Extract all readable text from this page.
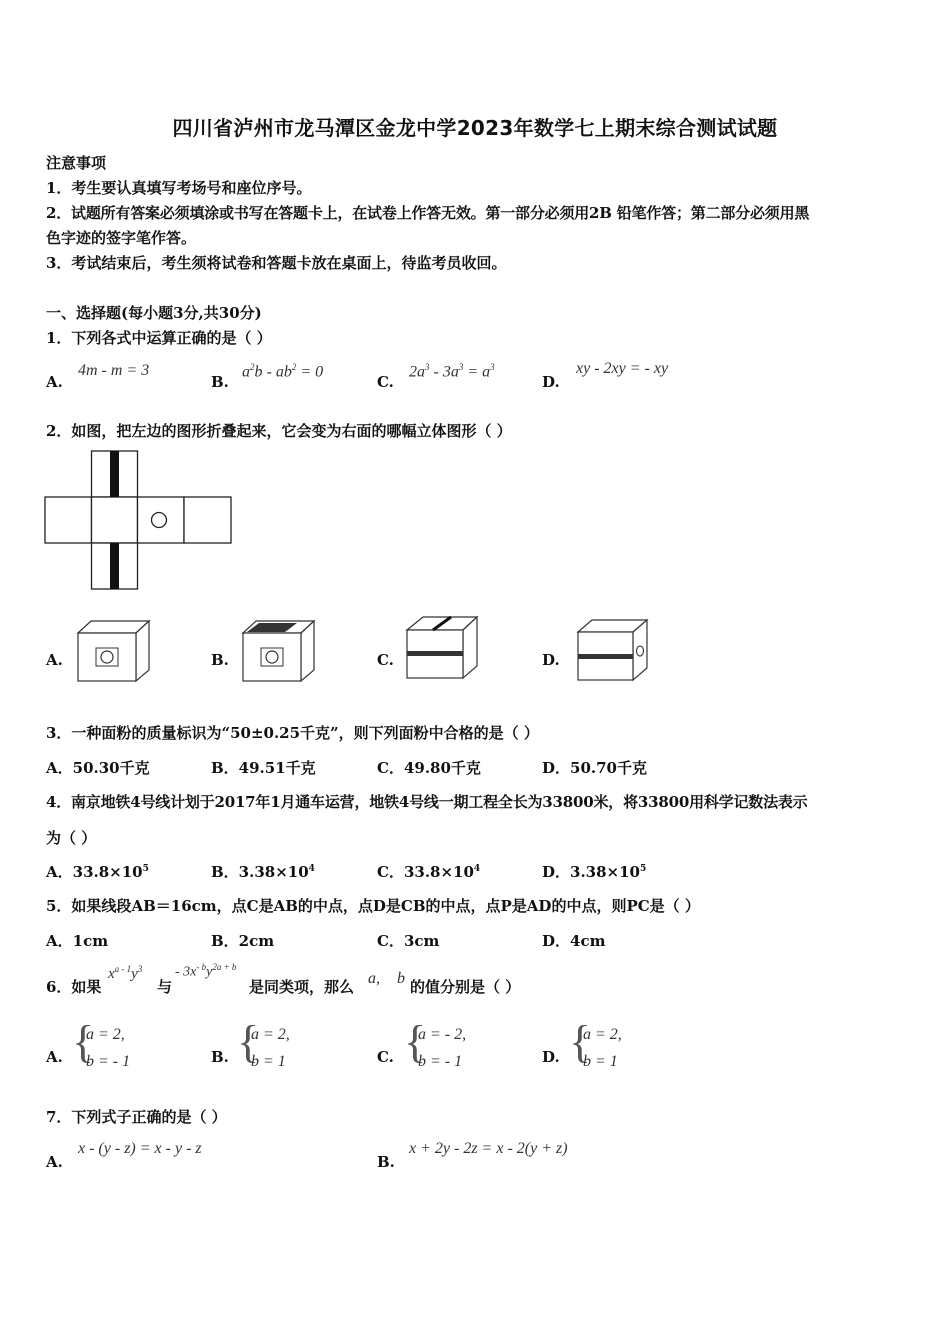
四川省泸州市龙马潭区金龙中学2023年数学七上期末综合测试试题
注意事项
1．考生要认真填写考场号和座位序号。
2．试题所有答案必须填涂或书写在答题卡上，在试卷上作答无效。第一部分必须用2B 铅笔作答；第二部分必须用黑
色字迹的签字笔作答。
3．考试结束后，考生须将试卷和答题卡放在桌面上，待监考员收回。
一、选择题(每小题3分,共30分)
1．下列各式中运算正确的是（ ）
A.
4m - m = 3
B.
$a^2b - ab^2 = 0$
C.
$2a^3 - 3a^3 = a^3$
D.
xy - 2xy = - xy
2．如图，把左边的图形折叠起来，它会变为右面的哪幅立体图形（ ）
A.	B.	C.	D.
3．一种面粉的质量标识为“50±0.25千克”，则下列面粉中合格的是（ ）
A．50.30千克	B．49.51千克	C．49.80千克	D．50.70千克
4．南京地铁4号线计划于2017年1月通车运营，地铁4号线一期工程全长为33800米，将33800用科学记数法表示
为（ ）
A．$33.8\times 10^5$	B．$3.38\times 10^4$	C．$33.8\times 10^4$	D．$3.38\times 10^5$
5．如果线段AB＝16cm，点C是AB的中点，点D是CB的中点，点P是AD的中点，则PC是（ ）
A．1cm	B．2cm	C．3cm	D．4cm
6．如果
$x^{a - 1}y^3$
与
- $3x^{- b}y^{2a + b}$
是同类项，那么 a, b 的值分别是（ ）
A. {
a = 2,
b = - 1	B. {
a = 2,
b = 1	C. {
a = - 2,
b = - 1	D. {
a = 2,
b = 1
7．下列式子正确的是（ ）
A.
x - (y - z) = x - y - z
B.
x + 2y - 2z = x - 2(y + z)
